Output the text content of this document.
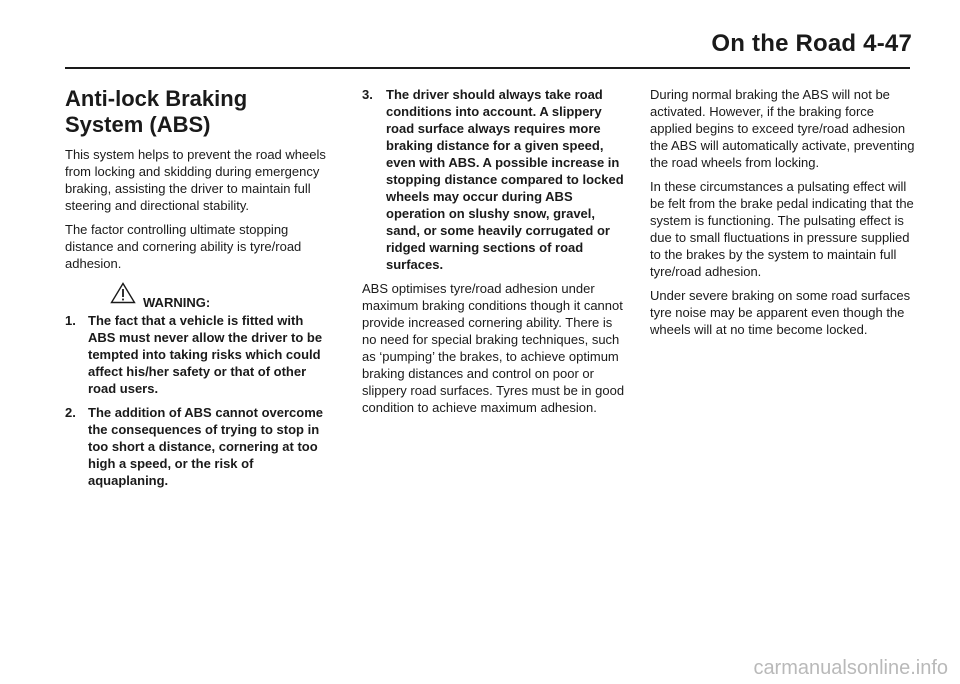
On the Road 4-47
Anti-lock Braking
System (ABS)

This system helps to prevent the road wheels from locking and skidding during emergency braking, assisting the driver to maintain full steering and directional stability.

The factor controlling ultimate stopping distance and cornering ability is tyre/road adhesion.

WARNING:
1. The fact that a vehicle is fitted with ABS must never allow the driver to be tempted into taking risks which could affect his/her safety or that of other road users.
2. The addition of ABS cannot overcome the consequences of trying to stop in too short a distance, cornering at too high a speed, or the risk of aquaplaning.
3. The driver should always take road conditions into account. A slippery road surface always requires more braking distance for a given speed, even with ABS. A possible increase in stopping distance compared to locked wheels may occur during ABS operation on slushy snow, gravel, sand, or some heavily corrugated or ridged warning sections of road surfaces.

ABS optimises tyre/road adhesion under maximum braking conditions though it cannot provide increased cornering ability. There is no need for special braking techniques, such as ‘pumping’ the brakes, to achieve optimum braking distances and control on poor or slippery road surfaces. Tyres must be in good condition to achieve maximum adhesion.

During normal braking the ABS will not be activated. However, if the braking force applied begins to exceed tyre/road adhesion the ABS will automatically activate, preventing the road wheels from locking.

In these circumstances a pulsating effect will be felt from the brake pedal indicating that the system is functioning. The pulsating effect is due to small fluctuations in pressure supplied to the brakes by the system to maintain full tyre/road adhesion.

Under severe braking on some road surfaces tyre noise may be apparent even though the wheels will at no time become locked.

carmanualsonline.info
